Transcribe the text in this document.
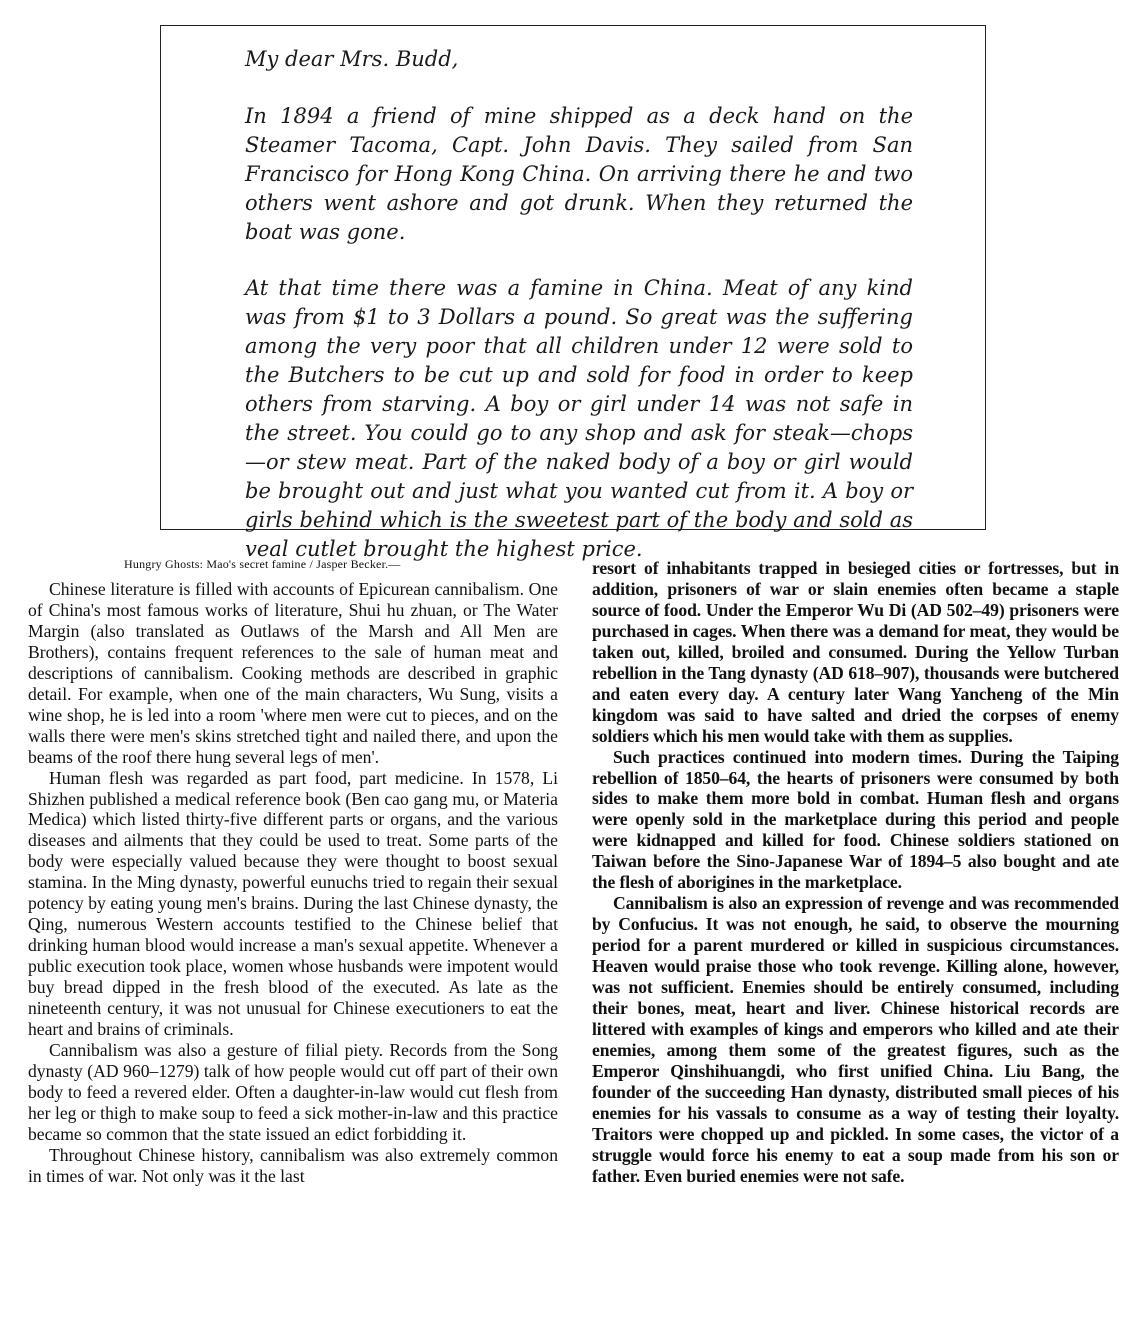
My dear Mrs. Budd,

In 1894 a friend of mine shipped as a deck hand on the Steamer Tacoma, Capt. John Davis. They sailed from San Francisco for Hong Kong China. On arriving there he and two others went ashore and got drunk. When they returned the boat was gone.

At that time there was a famine in China. Meat of any kind was from $1 to 3 Dollars a pound. So great was the suffering among the very poor that all children under 12 were sold to the Butchers to be cut up and sold for food in order to keep others from starving. A boy or girl under 14 was not safe in the street. You could go to any shop and ask for steak—chops—or stew meat. Part of the naked body of a boy or girl would be brought out and just what you wanted cut from it. A boy or girls behind which is the sweetest part of the body and sold as veal cutlet brought the highest price.

Hungry Ghosts: Mao's secret famine / Jasper Becker.—

Chinese literature is filled with accounts of Epicurean cannibalism. One of China's most famous works of literature, Shui hu zhuan, or The Water Margin (also translated as Outlaws of the Marsh and All Men are Brothers), contains frequent references to the sale of human meat and descriptions of cannibalism. Cooking methods are described in graphic detail. For example, when one of the main characters, Wu Sung, visits a wine shop, he is led into a room 'where men were cut to pieces, and on the walls there were men's skins stretched tight and nailed there, and upon the beams of the roof there hung several legs of men'.

Human flesh was regarded as part food, part medicine. In 1578, Li Shizhen published a medical reference book (Ben cao gang mu, or Materia Medica) which listed thirty-five different parts or organs, and the various diseases and ailments that they could be used to treat. Some parts of the body were especially valued because they were thought to boost sexual stamina. In the Ming dynasty, powerful eunuchs tried to regain their sexual potency by eating young men's brains. During the last Chinese dynasty, the Qing, numerous Western accounts testified to the Chinese belief that drinking human blood would increase a man's sexual appetite. Whenever a public execution took place, women whose husbands were impotent would buy bread dipped in the fresh blood of the executed. As late as the nineteenth century, it was not unusual for Chinese executioners to eat the heart and brains of criminals.

Cannibalism was also a gesture of filial piety. Records from the Song dynasty (AD 960–1279) talk of how people would cut off part of their own body to feed a revered elder. Often a daughter-in-law would cut flesh from her leg or thigh to make soup to feed a sick mother-in-law and this practice became so common that the state issued an edict forbidding it.

Throughout Chinese history, cannibalism was also extremely common in times of war. Not only was it the last

resort of inhabitants trapped in besieged cities or fortresses, but in addition, prisoners of war or slain enemies often became a staple source of food. Under the Emperor Wu Di (AD 502–49) prisoners were purchased in cages. When there was a demand for meat, they would be taken out, killed, broiled and consumed. During the Yellow Turban rebellion in the Tang dynasty (AD 618–907), thousands were butchered and eaten every day. A century later Wang Yancheng of the Min kingdom was said to have salted and dried the corpses of enemy soldiers which his men would take with them as supplies.

Such practices continued into modern times. During the Taiping rebellion of 1850–64, the hearts of prisoners were consumed by both sides to make them more bold in combat. Human flesh and organs were openly sold in the marketplace during this period and people were kidnapped and killed for food. Chinese soldiers stationed on Taiwan before the Sino-Japanese War of 1894–5 also bought and ate the flesh of aborigines in the marketplace.

Cannibalism is also an expression of revenge and was recommended by Confucius. It was not enough, he said, to observe the mourning period for a parent murdered or killed in suspicious circumstances. Heaven would praise those who took revenge. Killing alone, however, was not sufficient. Enemies should be entirely consumed, including their bones, meat, heart and liver. Chinese historical records are littered with examples of kings and emperors who killed and ate their enemies, among them some of the greatest figures, such as the Emperor Qinshihuangdi, who first unified China. Liu Bang, the founder of the succeeding Han dynasty, distributed small pieces of his enemies for his vassals to consume as a way of testing their loyalty. Traitors were chopped up and pickled. In some cases, the victor of a struggle would force his enemy to eat a soup made from his son or father. Even buried enemies were not safe.
